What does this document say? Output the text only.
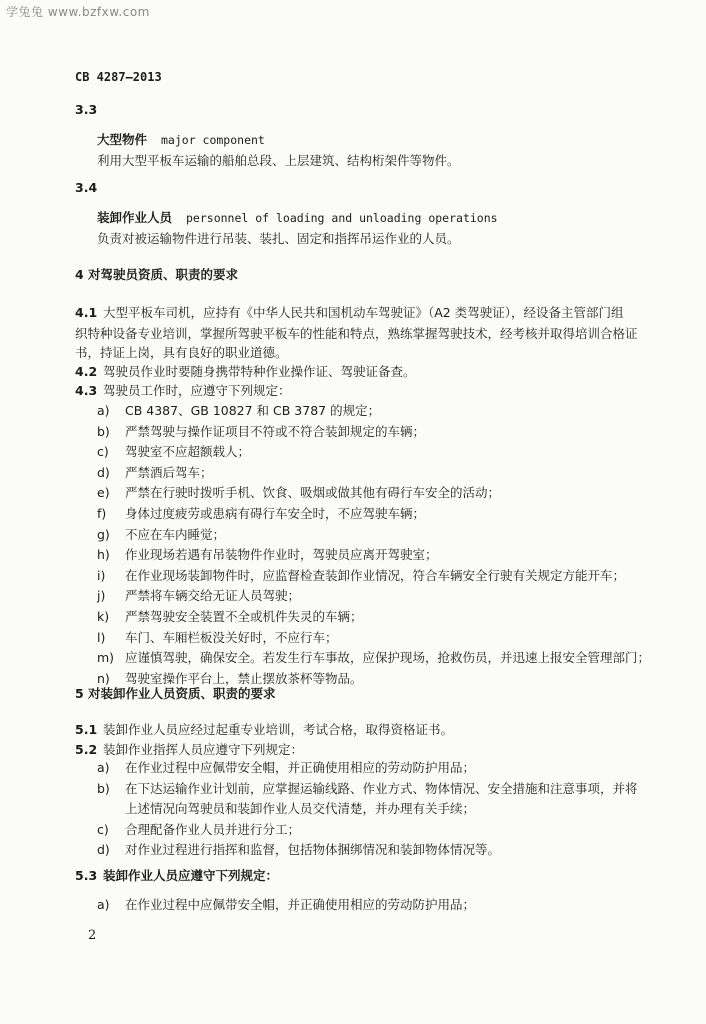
学兔兔 www.bzfxw.com
CB 4287—2013
3.3
大型物件 major component
利用大型平板车运输的船舶总段、上层建筑、结构桁架件等物件。
3.4
装卸作业人员 personnel of loading and unloading operations
负责对被运输物件进行吊装、装扎、固定和指挥吊运作业的人员。
4 对驾驶员资质、职责的要求
4.1 大型平板车司机，应持有《中华人民共和国机动车驾驶证》（A2 类驾驶证），经设备主管部门组
织特种设备专业培训，掌握所驾驶平板车的性能和特点，熟练掌握驾驶技术，经考核并取得培训合格证
书，持证上岗，具有良好的职业道德。
4.2 驾驶员作业时要随身携带特种作业操作证、驾驶证备查。
4.3 驾驶员工作时，应遵守下列规定：
a) CB 4387、GB 10827 和 CB 3787 的规定；
b) 严禁驾驶与操作证项目不符或不符合装卸规定的车辆；
c) 驾驶室不应超额载人；
d) 严禁酒后驾车；
e) 严禁在行驶时拨听手机、饮食、吸烟或做其他有碍行车安全的活动；
f) 身体过度疲劳或患病有碍行车安全时，不应驾驶车辆；
g) 不应在车内睡觉；
h) 作业现场若遇有吊装物件作业时，驾驶员应离开驾驶室；
i) 在作业现场装卸物件时，应监督检查装卸作业情况，符合车辆安全行驶有关规定方能开车；
j) 严禁将车辆交给无证人员驾驶；
k) 严禁驾驶安全装置不全或机件失灵的车辆；
l) 车门、车厢栏板没关好时，不应行车；
m) 应谨慎驾驶，确保安全。若发生行车事故，应保护现场，抢救伤员，并迅速上报安全管理部门；
n) 驾驶室操作平台上，禁止摆放茶杯等物品。
5 对装卸作业人员资质、职责的要求
5.1 装卸作业人员应经过起重专业培训，考试合格，取得资格证书。
5.2 装卸作业指挥人员应遵守下列规定：
a) 在作业过程中应佩带安全帽，并正确使用相应的劳动防护用品；
b) 在下达运输作业计划前，应掌握运输线路、作业方式、物体情况、安全措施和注意事项，并将
上述情况向驾驶员和装卸作业人员交代清楚，并办理有关手续；
c) 合理配备作业人员并进行分工；
d) 对作业过程进行指挥和监督，包括物体捆绑情况和装卸物体情况等。
5.3 装卸作业人员应遵守下列规定：
a) 在作业过程中应佩带安全帽，并正确使用相应的劳动防护用品；
2
